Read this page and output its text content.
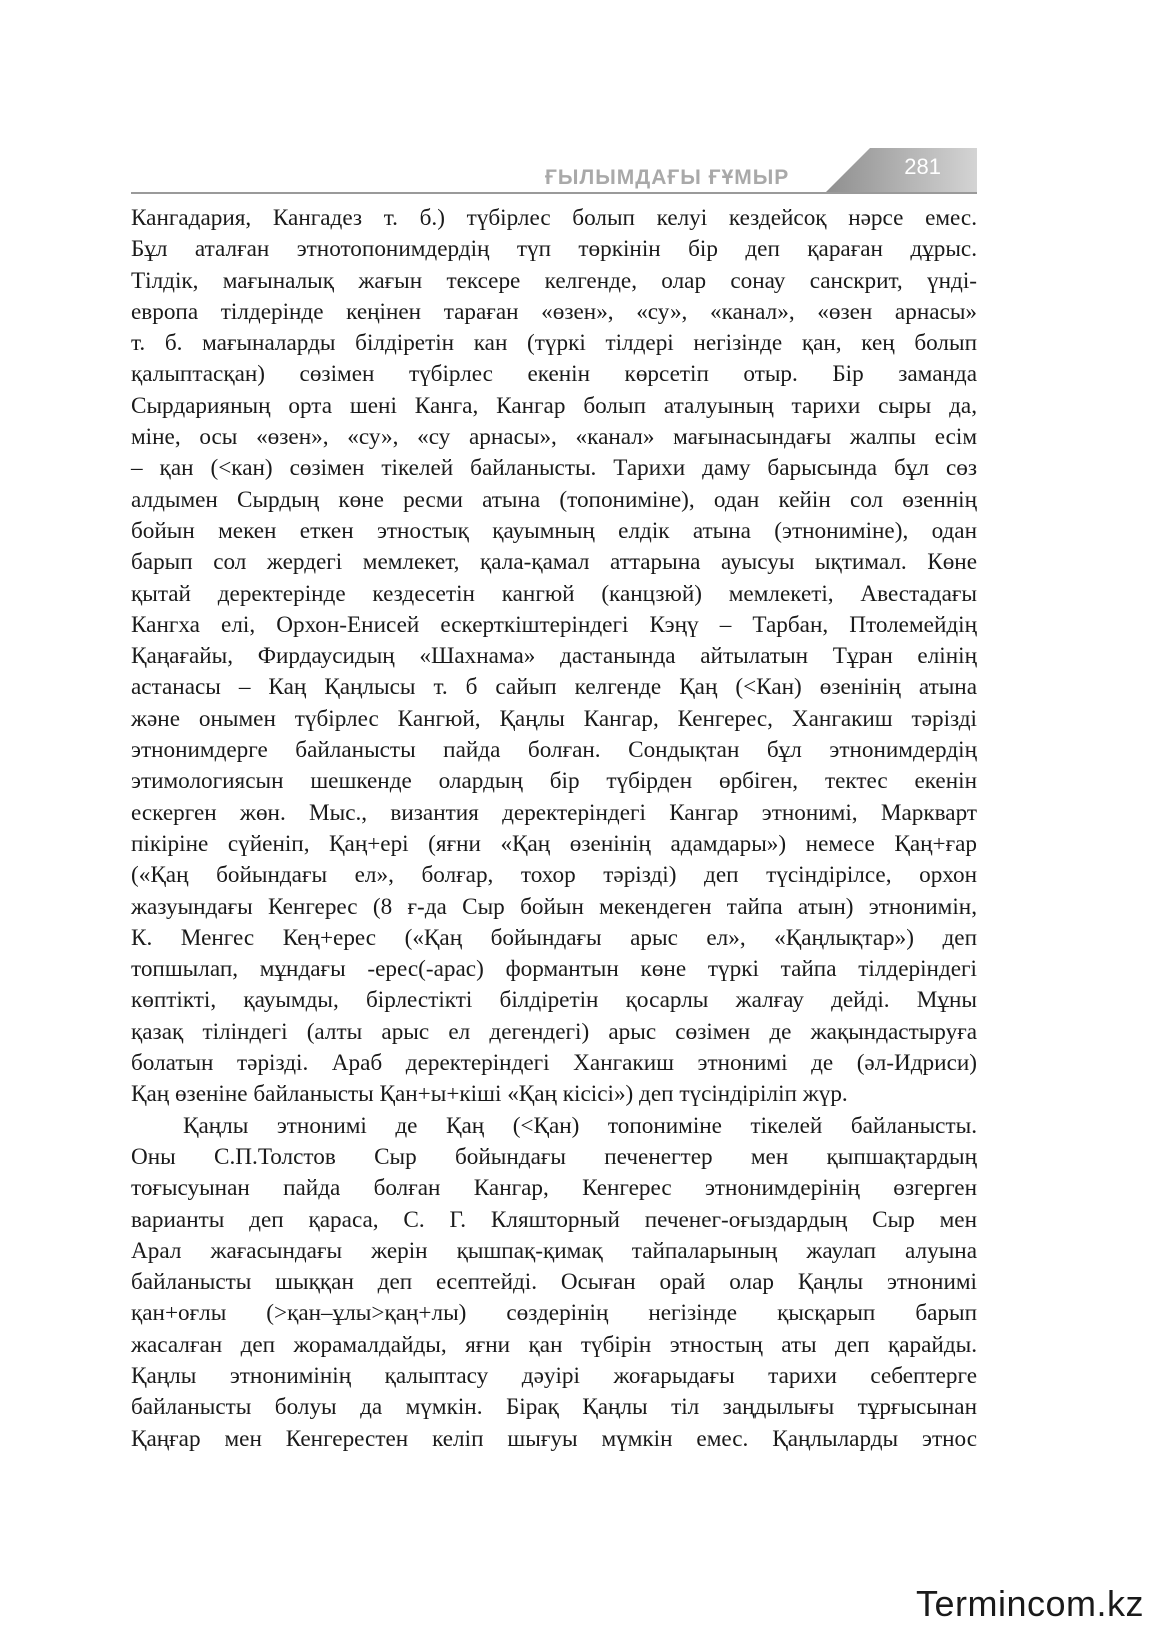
ҒЫЛЫМДАҒЫ ҒҰМЫР	281
Кангадария, Кангадез т. б.) түбірлес болып келуі кездейсоқ нәрсе емес.
Бұл аталған этнотопонимдердің түп төркінін бір деп қараған дұрыс.
Тілдік, мағыналық жағын тексере келгенде, олар сонау санскрит, үнді-
европа тілдерінде кеңінен тараған «өзен», «су», «канал», «өзен арнасы»
т. б. мағыналарды білдіретін кан (түркі тілдері негізінде қан, кең болып
қалыптасқан) сөзімен түбірлес екенін көрсетіп отыр. Бір заманда
Сырдарияның орта шені Канга, Кангар болып аталуының тарихи сыры да,
міне, осы «өзен», «су», «су арнасы», «канал» мағынасындағы жалпы есім
– қан (<кан) сөзімен тікелей байланысты. Тарихи даму барысында бұл сөз
алдымен Сырдың көне ресми атына (топониміне), одан кейін сол өзеннің
бойын мекен еткен этностық қауымның елдік атына (этнониміне), одан
барып сол жердегі мемлекет, қала-қамал аттарына ауысуы ықтимал. Көне
қытай деректерінде кездесетін кангюй (канцзюй) мемлекеті, Авестадағы
Кангха елі, Орхон-Енисей ескерткіштеріндегі Кэңү – Тарбан, Птолемейдің
Қаңағайы, Фирдаусидың «Шахнама» дастанында айтылатын Тұран елінің
астанасы – Каң Қаңлысы т. б сайып келгенде Қаң (<Кан) өзенінің атына
және онымен түбірлес Кангюй, Қаңлы Кангар, Кенгерес, Хангакиш тәрізді
этнонимдерге байланысты пайда болған. Сондықтан бұл этнонимдердің
этимологиясын шешкенде олардың бір түбірден өрбіген, тектес екенін
ескерген жөн. Мыс., византия деректеріндегі Кангар этнонимі, Маркварт
пікіріне сүйеніп, Қаң+ері (яғни «Қаң өзенінің адамдары») немесе Қаң+ғар
(«Қаң бойындағы ел», болғар, тохор тәрізді) деп түсіндірілсе, орхон
жазуындағы Кенгерес (8 ғ-да Сыр бойын мекендеген тайпа атын) этнонимін,
К. Менгес Кең+ерес («Қаң бойындағы арыс ел», «Қаңлықтар») деп
топшылап, мұндағы -ерес(-арас) формантын көне түркі тайпа тілдеріндегі
көптікті, қауымды, бірлестікті білдіретін қосарлы жалғау дейді. Мұны
қазақ тіліндегі (алты арыс ел дегендегі) арыс сөзімен де жақындастыруға
болатын тәрізді. Араб деректеріндегі Хангакиш этнонимі де (әл-Идриси)
Қаң өзеніне байланысты Қан+ы+кіші «Қаң кісісі») деп түсіндіріліп жүр.
Қаңлы этнонимі де Қаң (<Қан) топониміне тікелей байланысты.
Оны С.П.Толстов Сыр бойындағы печенегтер мен қыпшақтардың
тоғысуынан пайда болған Кангар, Кенгерес этнонимдерінің өзгерген
варианты деп қараса, С. Г. Кляшторный печенег-оғыздардың Сыр мен
Арал жағасындағы жерін қышпақ-қимақ тайпаларының жаулап алуына
байланысты шыққан деп есептейді. Осыған орай олар Қаңлы этнонимі
қан+оғлы (>қан–ұлы>қаң+лы) сөздерінің негізінде қысқарып барып
жасалған деп жорамалдайды, яғни қан түбірін этностың аты деп қарайды.
Қаңлы этнонимінің қалыптасу дәуірі жоғарыдағы тарихи себептерге
байланысты болуы да мүмкін. Бірақ Қаңлы тіл заңдылығы тұрғысынан
Қаңғар мен Кенгерестен келіп шығуы мүмкін емес. Қаңлыларды этнос
Termincom.kz
